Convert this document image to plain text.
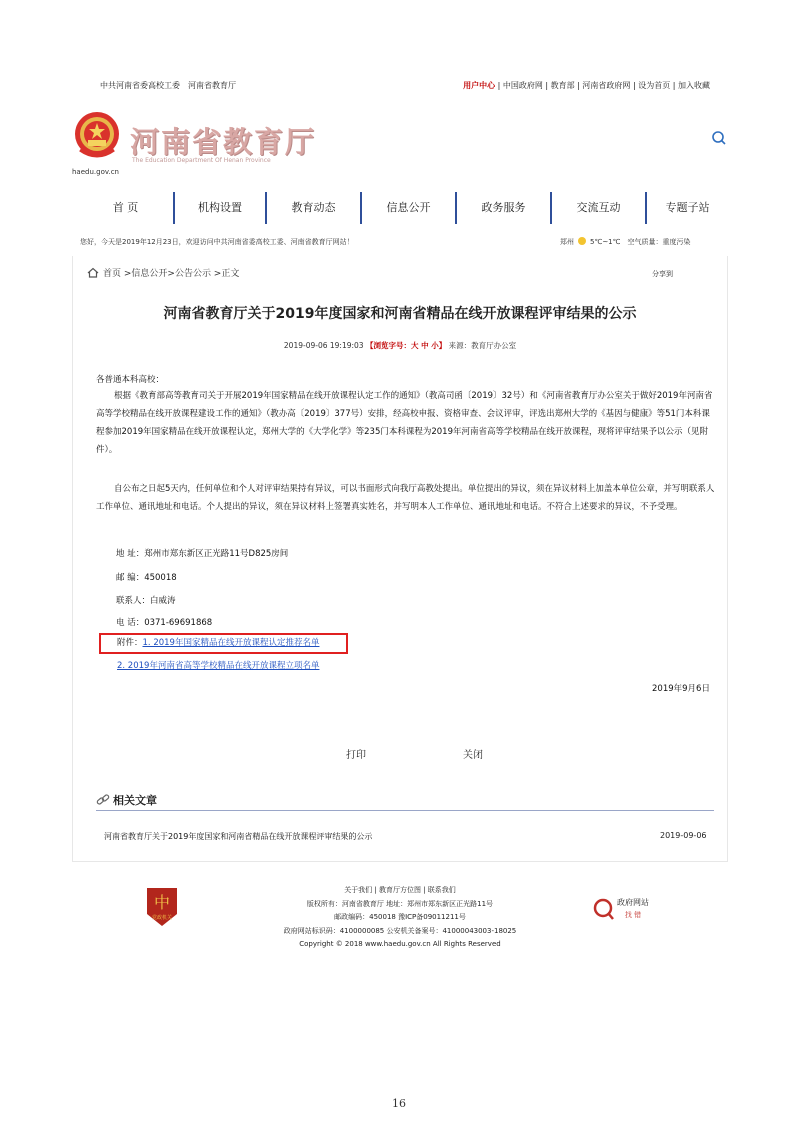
中共河南省委高校工委　河南省教育厅	用户中心 | 中国政府网 | 教育部 | 河南省政府网 | 设为首页 | 加入收藏
河南省教育厅
The Education Department Of Henan Province
haedu.gov.cn
首 页	机构设置	教育动态	信息公开	政务服务	交流互动	专题子站
您好，今天是2019年12月23日，欢迎访问中共河南省委高校工委、河南省教育厅网站！	郑州 5℃~1℃　 空气质量：重度污染
首页 >信息公开>公告公示 >正文	分享到
河南省教育厅关于2019年度国家和河南省精品在线开放课程评审结果的公示
2019-09-06 19:19:03 【浏览字号：大 中 小】 来源：教育厅办公室
各普通本科高校：
根据《教育部高等教育司关于开展2019年国家精品在线开放课程认定工作的通知》（教高司函〔2019〕32号）和《河南省教育厅办公室关于做好2019年河南省高等学校精品在线开放课程建设工作的通知》（教办高〔2019〕377号）安排，经高校申报、资格审查、会议评审，评选出郑州大学的《基因与健康》等51门本科课程参加2019年国家精品在线开放课程认定，郑州大学的《大学化学》等235门本科课程为2019年河南省高等学校精品在线开放课程，现将评审结果予以公示（见附件）。
自公布之日起5天内，任何单位和个人对评审结果持有异议，可以书面形式向我厅高教处提出。单位提出的异议，须在异议材料上加盖本单位公章，并写明联系人工作单位、通讯地址和电话。个人提出的异议，须在异议材料上签署真实姓名，并写明本人工作单位、通讯地址和电话。不符合上述要求的异议，不予受理。
地 址：郑州市郑东新区正光路11号D825房间
邮 编：450018
联系人：白威涛
电 话：0371-69691868
附件：1. 2019年国家精品在线开放课程认定推荐名单
2. 2019年河南省高等学校精品在线开放课程立项名单
2019年9月6日
打印	关闭
相关文章
河南省教育厅关于2019年度国家和河南省精品在线开放课程评审结果的公示	2019-09-06
中
党政机关
关于我们 | 教育厅方位图 | 联系我们
版权所有：河南省教育厅 地址：郑州市郑东新区正光路11号
邮政编码：450018 豫ICP备09011211号
政府网站标识码：4100000085 公安机关备案号：41000043003-18025
Copyright © 2018 www.haedu.gov.cn All Rights Reserved
政府网站
找 错
16
